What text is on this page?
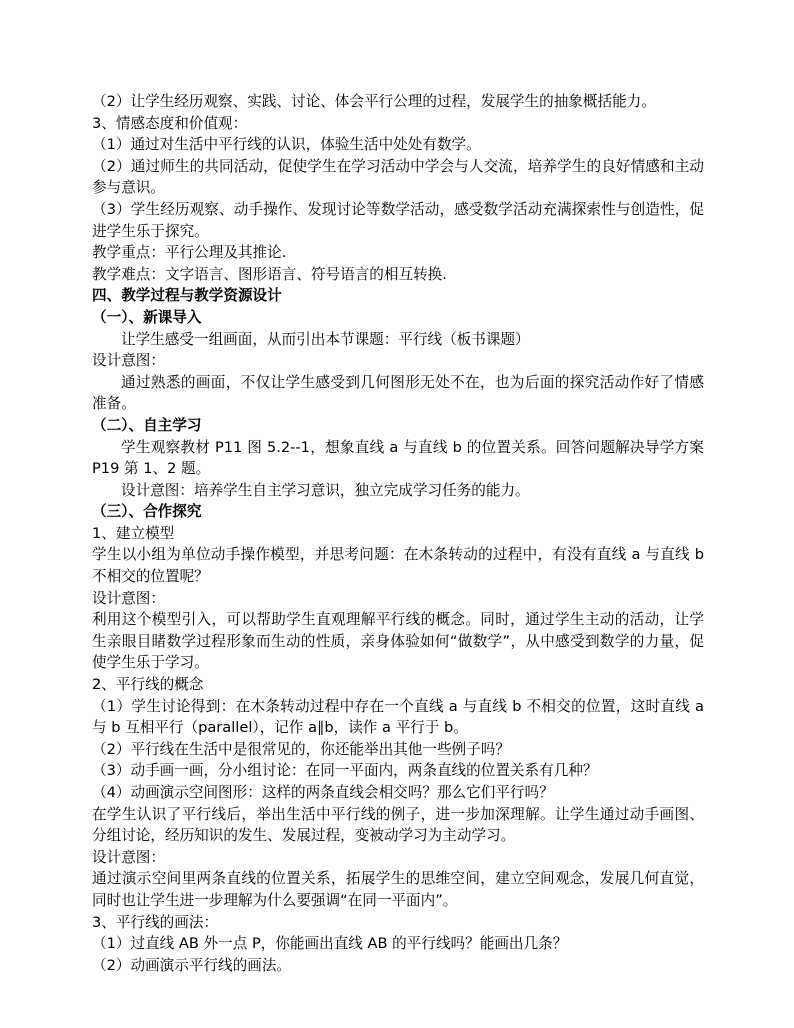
（2）让学生经历观察、实践、讨论、体会平行公理的过程，发展学生的抽象概括能力。

3、情感态度和价值观：

（1）通过对生活中平行线的认识，体验生活中处处有数学。

（2）通过师生的共同活动，促使学生在学习活动中学会与人交流，培养学生的良好情感和主动参与意识。

（3）学生经历观察、动手操作、发现讨论等数学活动，感受数学活动充满探索性与创造性，促进学生乐于探究。

教学重点：平行公理及其推论.

教学难点：文字语言、图形语言、符号语言的相互转换.

四、教学过程与教学资源设计

（一）、新课导入

让学生感受一组画面，从而引出本节课题：平行线（板书课题）

设计意图：

通过熟悉的画面，不仅让学生感受到几何图形无处不在，也为后面的探究活动作好了情感准备。

（二）、自主学习

学生观察教材 P11 图 5.2--1，想象直线 a 与直线 b 的位置关系。回答问题解决导学方案 P19 第 1、2 题。

设计意图：培养学生自主学习意识，独立完成学习任务的能力。

（三）、合作探究

1、建立模型

学生以小组为单位动手操作模型，并思考问题：在木条转动的过程中，有没有直线 a 与直线 b 不相交的位置呢？

设计意图：

利用这个模型引入，可以帮助学生直观理解平行线的概念。同时，通过学生主动的活动，让学生亲眼目睹数学过程形象而生动的性质，亲身体验如何“做数学”，从中感受到数学的力量，促使学生乐于学习。

2、平行线的概念

（1）学生讨论得到：在木条转动过程中存在一个直线 a 与直线 b 不相交的位置，这时直线 a 与 b 互相平行（parallel），记作 a∥b，读作 a 平行于 b。

（2）平行线在生活中是很常见的，你还能举出其他一些例子吗？

（3）动手画一画，分小组讨论：在同一平面内，两条直线的位置关系有几种？

（4）动画演示空间图形：这样的两条直线会相交吗？那么它们平行吗？

在学生认识了平行线后，举出生活中平行线的例子，进一步加深理解。让学生通过动手画图、分组讨论，经历知识的发生、发展过程，变被动学习为主动学习。

设计意图：

通过演示空间里两条直线的位置关系，拓展学生的思维空间，建立空间观念，发展几何直觉，同时也让学生进一步理解为什么要强调“在同一平面内”。

3、平行线的画法：

（1）过直线 AB 外一点 P，你能画出直线 AB 的平行线吗？能画出几条？

（2）动画演示平行线的画法。
